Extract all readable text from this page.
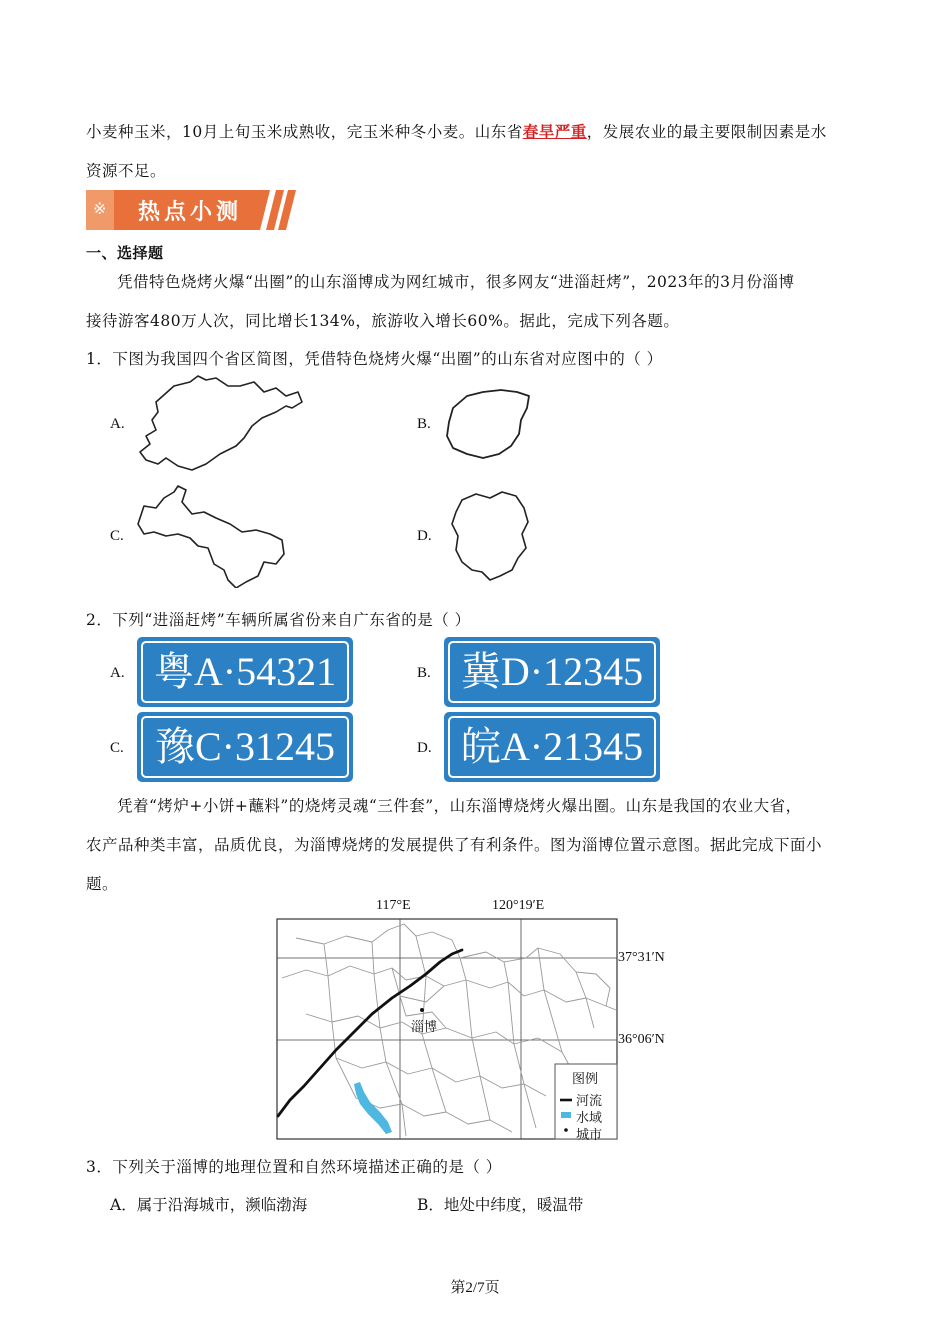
小麦种玉米，10月上旬玉米成熟收，完玉米种冬小麦。山东省春旱严重，发展农业的最主要限制因素是水
资源不足。
※ 热点小测
一、选择题
凭借特色烧烤火爆“出圈”的山东淄博成为网红城市，很多网友“进淄赶烤”，2023年的3月份淄博
接待游客480万人次，同比增长134%，旅游收入增长60%。据此，完成下列各题。
1．下图为我国四个省区简图，凭借特色烧烤火爆“出圈”的山东省对应图中的（ ）
A.	B.
C.	D.
2．下列“进淄赶烤”车辆所属省份来自广东省的是（ ）
A.	B.
C.	D.
粤A·54321	冀D·12345
豫C·31245	皖A·21345
凭着“烤炉+小饼+蘸料”的烧烤灵魂“三件套”，山东淄博烧烤火爆出圈。山东是我国的农业大省，
农产品种类丰富，品质优良，为淄博烧烤的发展提供了有利条件。图为淄博位置示意图。据此完成下面小
题。
117°E	120°19′E
37°31′N
36°06′N
淄博
图例
河流
水域
城市
3．下列关于淄博的地理位置和自然环境描述正确的是（ ）
A．属于沿海城市，濒临渤海	B．地处中纬度，暖温带
第2/7页
